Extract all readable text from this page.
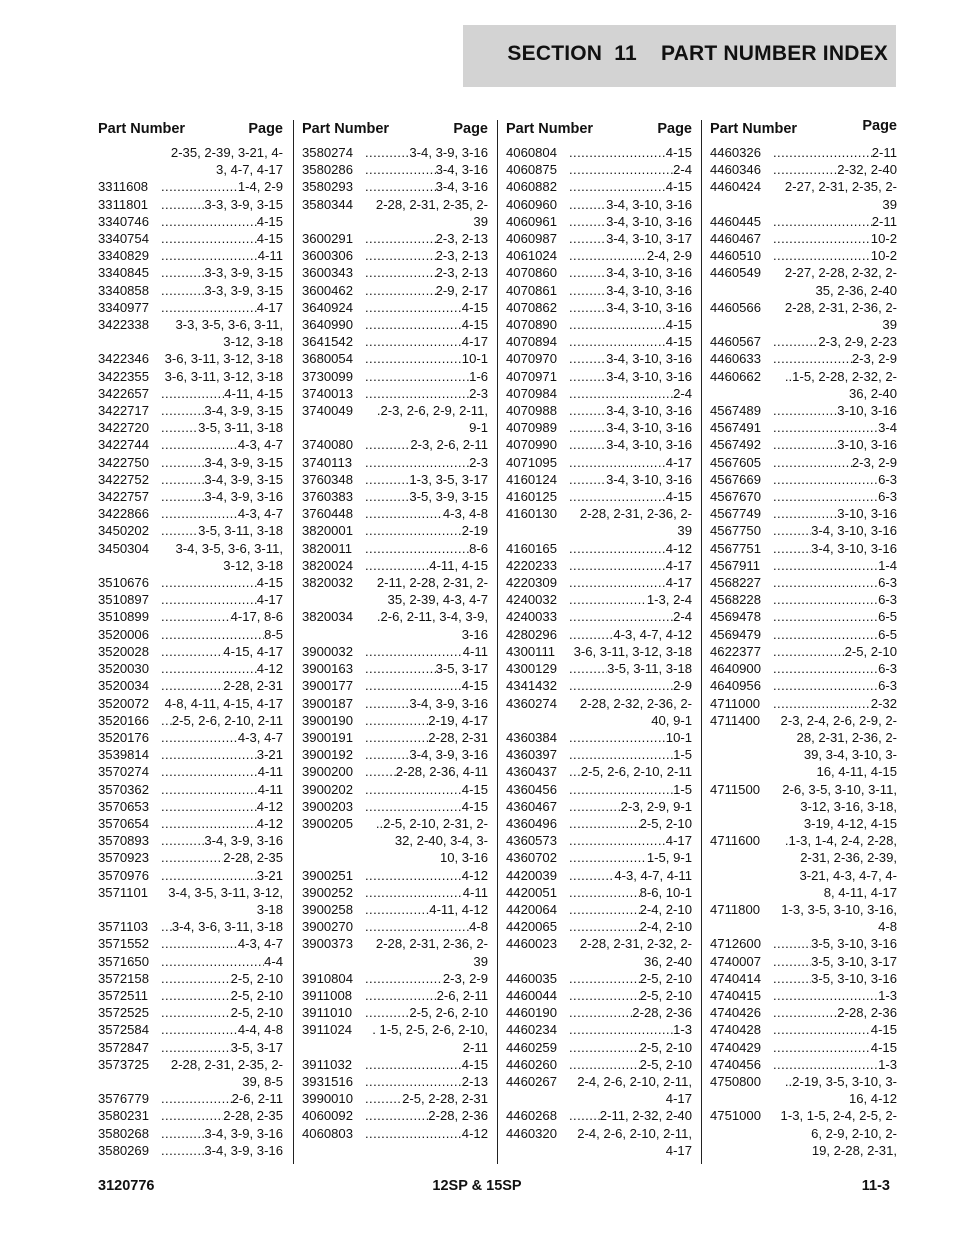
SECTION  11    PART NUMBER INDEX
Part Number	Page
2-35, 2-39, 3-21, 4-3, 4-7, 4-17
3311608 .....	1-4, 2-9
3311801 .....	3-3, 3-9, 3-15
3340746 .....	4-15
3340754 .....	4-15
3340829 .....	4-11
3340845 .....	3-3, 3-9, 3-15
3340858 .....	3-3, 3-9, 3-15
3340977 .....	4-17
3422338	3-3, 3-5, 3-6, 3-11, 3-12, 3-18
3422346	3-6, 3-11, 3-12, 3-18
3422355	3-6, 3-11, 3-12, 3-18
3422657 .....	4-11, 4-15
3422717 .....	3-4, 3-9, 3-15
3422720 .....	3-5, 3-11, 3-18
3422744 .....	4-3, 4-7
3422750 .....	3-4, 3-9, 3-15
3422752 .....	3-4, 3-9, 3-15
3422757 .....	3-4, 3-9, 3-16
3422866 .....	4-3, 4-7
3450202 .....	3-5, 3-11, 3-18
3450304	3-4, 3-5, 3-6, 3-11, 3-12, 3-18
3510676 .....	4-15
3510897 .....	4-17
3510899 .....	4-17, 8-6
3520006 .....	8-5
3520028 .....	4-15, 4-17
3520030 .....	4-12
3520034 .....	2-28, 2-31
3520072	4-8, 4-11, 4-15, 4-17
3520166 .....	2-5, 2-6, 2-10, 2-11
3520176 .....	4-3, 4-7
3539814 .....	3-21
3570274 .....	4-11
3570362 .....	4-11
3570653 .....	4-12
3570654 .....	4-12
3570893 .....	3-4, 3-9, 3-16
3570923 .....	2-28, 2-35
3570976 .....	3-21
3571101	3-4, 3-5, 3-11, 3-12, 3-18
3571103 .....	3-4, 3-6, 3-11, 3-18
3571552 .....	4-3, 4-7
3571650 .....	4-4
3572158 .....	2-5, 2-10
3572511 .....	2-5, 2-10
3572525 .....	2-5, 2-10
3572584 .....	4-4, 4-8
3572847 .....	3-5, 3-17
3573725	2-28, 2-31, 2-35, 2-39, 8-5
3576779 .....	2-6, 2-11
3580231 .....	2-28, 2-35
3580268 .....	3-4, 3-9, 3-16
3580269 .....	3-4, 3-9, 3-16
Part Number	Page
3580274 .....	3-4, 3-9, 3-16
3580286 .....	3-4, 3-16
3580293 .....	3-4, 3-16
3580344	2-28, 2-31, 2-35, 2-39
3600291 .....	2-3, 2-13
3600306 .....	2-3, 2-13
3600343 .....	2-3, 2-13
3600462 .....	2-9, 2-17
3640924 .....	4-15
3640990 .....	4-15
3641542 .....	4-17
3680054 .....	10-1
3730099 .....	1-6
3740013 .....	2-3
3740049	.2-3, 2-6, 2-9, 2-11, 9-1
3740080 .....	2-3, 2-6, 2-11
3740113 .....	2-3
3760348 .....	1-3, 3-5, 3-17
3760383 .....	3-5, 3-9, 3-15
3760448 .....	4-3, 4-8
3820001 .....	2-19
3820011 .....	8-6
3820024 .....	4-11, 4-15
3820032	2-11, 2-28, 2-31, 2-35, 2-39, 4-3, 4-7
3820034	.2-6, 2-11, 3-4, 3-9, 3-16
3900032 .....	4-11
3900163 .....	3-5, 3-17
3900177 .....	4-15
3900187 .....	3-4, 3-9, 3-16
3900190 .....	2-19, 4-17
3900191 .....	2-28, 2-31
3900192 .....	3-4, 3-9, 3-16
3900200 .....	2-28, 2-36, 4-11
3900202 .....	4-15
3900203 .....	4-15
3900205	..2-5, 2-10, 2-31, 2-32, 2-40, 3-4, 3-10, 3-16
3900251 .....	4-12
3900252 .....	4-11
3900258 .....	4-11, 4-12
3900270 .....	4-8
3900373	2-28, 2-31, 2-36, 2-39
3910804 .....	2-3, 2-9
3911008 .....	2-6, 2-11
3911010 .....	2-5, 2-6, 2-10
3911024	. 1-5, 2-5, 2-6, 2-10, 2-11
3911032 .....	4-15
3931516 .....	2-13
3990010 .....	2-5, 2-28, 2-31
4060092 .....	2-28, 2-36
4060803 .....	4-12
Part Number	Page
4060804 .....	4-15
4060875 .....	2-4
4060882 .....	4-15
4060960 .....	3-4, 3-10, 3-16
4060961 .....	3-4, 3-10, 3-16
4060987 .....	3-4, 3-10, 3-17
4061024 .....	2-4, 2-9
4070860 .....	3-4, 3-10, 3-16
4070861 .....	3-4, 3-10, 3-16
4070862 .....	3-4, 3-10, 3-16
4070890 .....	4-15
4070894 .....	4-15
4070970 .....	3-4, 3-10, 3-16
4070971 .....	3-4, 3-10, 3-16
4070984 .....	2-4
4070988 .....	3-4, 3-10, 3-16
4070989 .....	3-4, 3-10, 3-16
4070990 .....	3-4, 3-10, 3-16
4071095 .....	4-17
4160124 .....	3-4, 3-10, 3-16
4160125 .....	4-15
4160130	2-28, 2-31, 2-36, 2-39
4160165 .....	4-12
4220233 .....	4-17
4220309 .....	4-17
4240032 .....	1-3, 2-4
4240033 .....	2-4
4280296 .....	4-3, 4-7, 4-12
4300111	3-6, 3-11, 3-12, 3-18
4300129 .....	3-5, 3-11, 3-18
4341432 .....	2-9
4360274	2-28, 2-32, 2-36, 2-40, 9-1
4360384 .....	10-1
4360397 .....	1-5
4360437 .....	2-5, 2-6, 2-10, 2-11
4360456 .....	1-5
4360467 .....	2-3, 2-9, 9-1
4360496 .....	2-5, 2-10
4360573 .....	4-17
4360702 .....	1-5, 9-1
4420039 .....	4-3, 4-7, 4-11
4420051 .....	8-6, 10-1
4420064 .....	2-4, 2-10
4420065 .....	2-4, 2-10
4460023	2-28, 2-31, 2-32, 2-36, 2-40
4460035 .....	2-5, 2-10
4460044 .....	2-5, 2-10
4460190 .....	2-28, 2-36
4460234 .....	1-3
4460259 .....	2-5, 2-10
4460260 .....	2-5, 2-10
4460267	2-4, 2-6, 2-10, 2-11, 4-17
4460268 .....	2-11, 2-32, 2-40
4460320	2-4, 2-6, 2-10, 2-11, 4-17
Part Number	Page
4460326 .....	2-11
4460346 .....	2-32, 2-40
4460424	2-27, 2-31, 2-35, 2-39
4460445 .....	2-11
4460467 .....	10-2
4460510 .....	10-2
4460549	2-27, 2-28, 2-32, 2-35, 2-36, 2-40
4460566	2-28, 2-31, 2-36, 2-39
4460567 .....	2-3, 2-9, 2-23
4460633 .....	2-3, 2-9
4460662	..1-5, 2-28, 2-32, 2-36, 2-40
4567489 .....	3-10, 3-16
4567491 .....	3-4
4567492 .....	3-10, 3-16
4567605 .....	2-3, 2-9
4567669 .....	6-3
4567670 .....	6-3
4567749 .....	3-10, 3-16
4567750 .....	3-4, 3-10, 3-16
4567751 .....	3-4, 3-10, 3-16
4567911 .....	1-4
4568227 .....	6-3
4568228 .....	6-3
4569478 .....	6-5
4569479 .....	6-5
4622377 .....	2-5, 2-10
4640900 .....	6-3
4640956 .....	6-3
4711000 .....	2-32
4711400	2-3, 2-4, 2-6, 2-9, 2-28, 2-31, 2-36, 2-39, 3-4, 3-10, 3-16, 4-11, 4-15
4711500	2-6, 3-5, 3-10, 3-11, 3-12, 3-16, 3-18, 3-19, 4-12, 4-15
4711600	.1-3, 1-4, 2-4, 2-28, 2-31, 2-36, 2-39, 3-21, 4-3, 4-7, 4-8, 4-11, 4-17
4711800	1-3, 3-5, 3-10, 3-16, 4-8
4712600 .....	3-5, 3-10, 3-16
4740007 .....	3-5, 3-10, 3-17
4740414 .....	3-5, 3-10, 3-16
4740415 .....	1-3
4740426 .....	2-28, 2-36
4740428 .....	4-15
4740429 .....	4-15
4740456 .....	1-3
4750800	..2-19, 3-5, 3-10, 3-16, 4-12
4751000	1-3, 1-5, 2-4, 2-5, 2-6, 2-9, 2-10, 2-19, 2-28, 2-31,
3120776	12SP & 15SP	11-3
